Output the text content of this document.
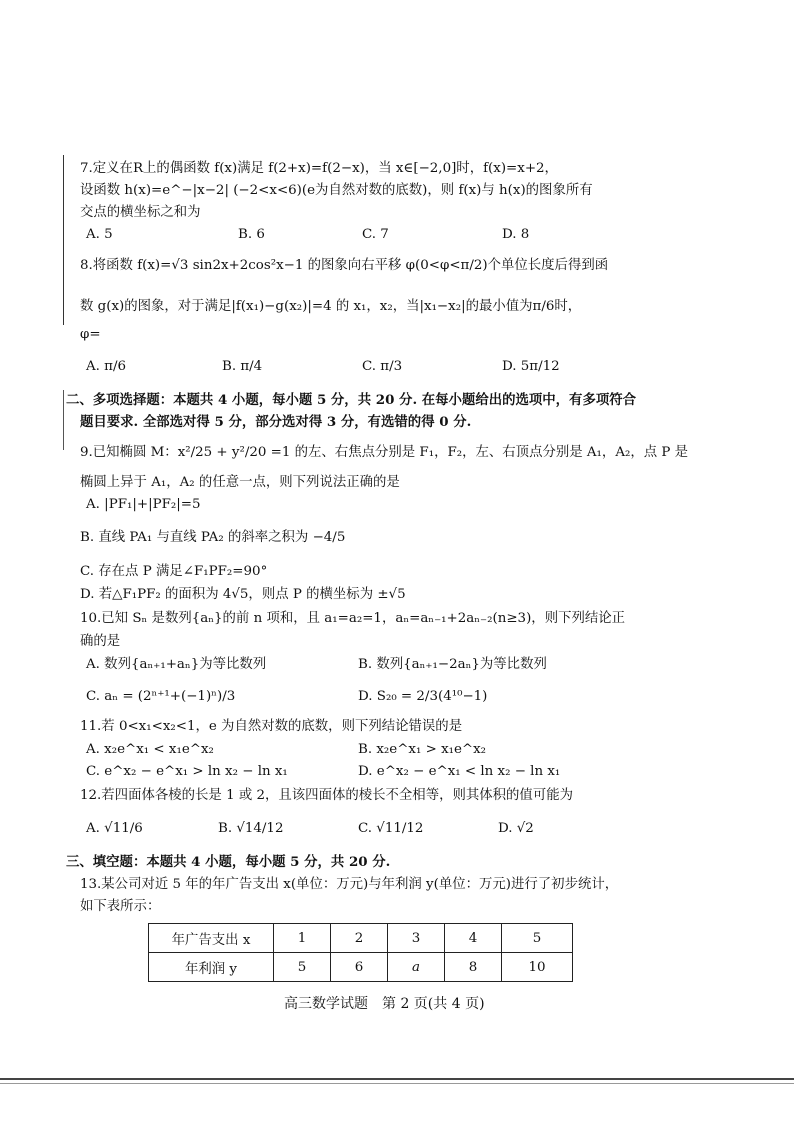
7.定义在R上的偶函数 f(x)满足 f(2+x)=f(2−x)，当 x∈[−2,0]时，f(x)=x+2，
设函数 h(x)=e^−|x−2| (−2<x<6)(e为自然对数的底数)，则 f(x)与 h(x)的图象所有
交点的横坐标之和为
A. 5	B. 6	C. 7	D. 8
8.将函数 f(x)=√3 sin2x+2cos²x−1 的图象向右平移 φ(0<φ<π/2)个单位长度后得到函
数 g(x)的图象，对于满足|f(x₁)−g(x₂)|=4 的 x₁，x₂，当|x₁−x₂|的最小值为π/6时，
φ=
A. π/6	B. π/4	C. π/3	D. 5π/12
二、多项选择题：本题共 4 小题，每小题 5 分，共 20 分. 在每小题给出的选项中，有多项符合
题目要求. 全部选对得 5 分，部分选对得 3 分，有选错的得 0 分.
9.已知椭圆 M：x²/25 + y²/20 =1 的左、右焦点分别是 F₁，F₂，左、右顶点分别是 A₁，A₂，点 P 是
椭圆上异于 A₁，A₂ 的任意一点，则下列说法正确的是
A. |PF₁|+|PF₂|=5
B. 直线 PA₁ 与直线 PA₂ 的斜率之积为 −4/5
C. 存在点 P 满足∠F₁PF₂=90°
D. 若△F₁PF₂ 的面积为 4√5，则点 P 的横坐标为 ±√5
10.已知 Sₙ 是数列{aₙ}的前 n 项和，且 a₁=a₂=1，aₙ=aₙ₋₁+2aₙ₋₂(n≥3)，则下列结论正
确的是
A. 数列{aₙ₊₁+aₙ}为等比数列	B. 数列{aₙ₊₁−2aₙ}为等比数列
C. aₙ = (2ⁿ⁺¹+(−1)ⁿ)/3	D. S₂₀ = 2/3(4¹⁰−1)
11.若 0<x₁<x₂<1，e 为自然对数的底数，则下列结论错误的是
A. x₂e^x₁ < x₁e^x₂	B. x₂e^x₁ > x₁e^x₂
C. e^x₂ − e^x₁ > ln x₂ − ln x₁	D. e^x₂ − e^x₁ < ln x₂ − ln x₁
12.若四面体各棱的长是 1 或 2，且该四面体的棱长不全相等，则其体积的值可能为
A. √11/6	B. √14/12	C. √11/12	D. √2
三、填空题：本题共 4 小题，每小题 5 分，共 20 分.
13.某公司对近 5 年的年广告支出 x(单位：万元)与年利润 y(单位：万元)进行了初步统计，
如下表所示：
年广告支出 x	1	2	3	4	5
年利润 y	5	6	a	8	10
高三数学试题　第 2 页(共 4 页)
